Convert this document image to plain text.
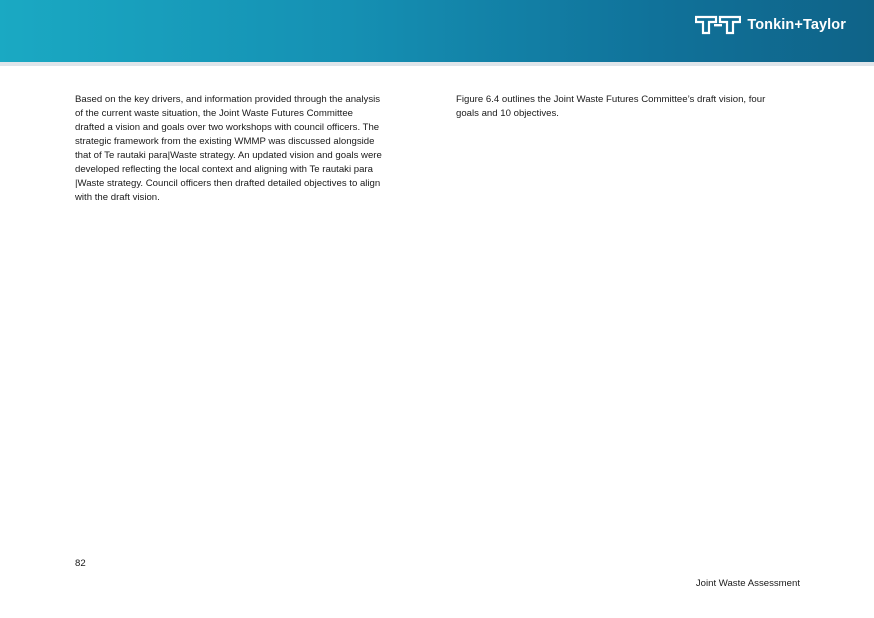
Tonkin+Taylor

Based on the key drivers, and information provided through the analysis
of the current waste situation, the Joint Waste Futures Committee
drafted a vision and goals over two workshops with council officers. The
strategic framework from the existing WMMP was discussed alongside
that of Te rautaki para|Waste strategy. An updated vision and goals were
developed reflecting the local context and aligning with Te rautaki para
|Waste strategy. Council officers then drafted detailed objectives to align
with the draft vision.

Figure 6.4 outlines the Joint Waste Futures Committee’s draft vision, four
goals and 10 objectives.

82
Joint Waste Assessment
